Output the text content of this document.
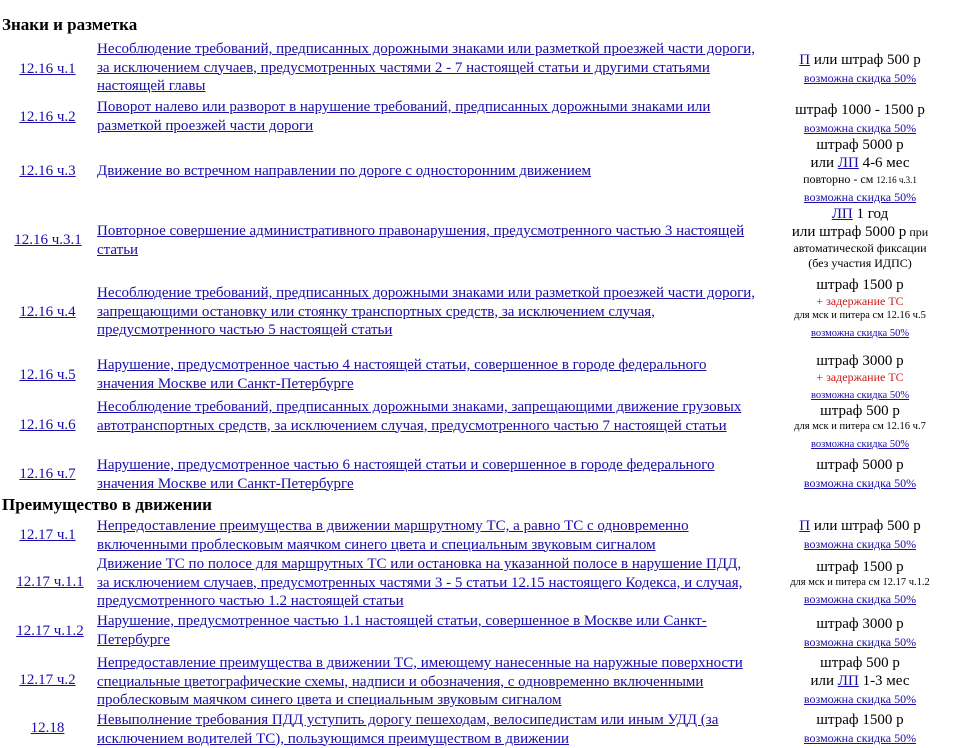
Знаки и разметка
12.16 ч.1
Несоблюдение требований, предписанных дорожными знаками или разметкой проезжей части дороги, за исключением случаев, предусмотренных частями 2 - 7 настоящей статьи и другими статьями настоящей главы
П или штраф 500 р
возможна скидка 50%
12.16 ч.2
Поворот налево или разворот в нарушение требований, предписанных дорожными знаками или разметкой проезжей части дороги
штраф 1000 - 1500 р
возможна скидка 50%
12.16 ч.3	Движение во встречном направлении по дороге с односторонним движением
штраф 5000 р
или ЛП 4-6 мес
повторно - см 12.16 ч.3.1
возможна скидка 50%
12.16 ч.3.1
Повторное совершение административного правонарушения, предусмотренного частью 3 настоящей статьи
ЛП 1 год
или штраф 5000 р при
автоматической фиксации
(без участия ИДПС)
12.16 ч.4
Несоблюдение требований, предписанных дорожными знаками или разметкой проезжей части дороги, запрещающими остановку или стоянку транспортных средств, за исключением случая, предусмотренного частью 5 настоящей статьи
штраф 1500 р
+ задержание ТС
для мск и питера см 12.16 ч.5
возможна скидка 50%
12.16 ч.5
Нарушение, предусмотренное частью 4 настоящей статьи, совершенное в городе федерального значения Москве или Санкт-Петербурге
штраф 3000 р
+ задержание ТС
возможна скидка 50%
12.16 ч.6
Несоблюдение требований, предписанных дорожными знаками, запрещающими движение грузовых автотранспортных средств, за исключением случая, предусмотренного частью 7 настоящей статьи
штраф 500 р
для мск и питера см 12.16 ч.7
возможна скидка 50%
12.16 ч.7
Нарушение, предусмотренное частью 6 настоящей статьи и совершенное в городе федерального значения Москве или Санкт-Петербурге
штраф 5000 р
возможна скидка 50%
Преимущество в движении
12.17 ч.1
Непредоставление преимущества в движении маршрутному ТС, а равно ТС с одновременно включенными проблесковым маячком синего цвета и специальным звуковым сигналом
П или штраф 500 р
возможна скидка 50%
12.17 ч.1.1
Движение ТС по полосе для маршрутных ТС или остановка на указанной полосе в нарушение ПДД, за исключением случаев, предусмотренных частями 3 - 5 статьи 12.15 настоящего Кодекса, и случая, предусмотренного частью 1.2 настоящей статьи
штраф 1500 р
для мск и питера см 12.17 ч.1.2
возможна скидка 50%
12.17 ч.1.2
Нарушение, предусмотренное частью 1.1 настоящей статьи, совершенное в Москве или Санкт-Петербурге
штраф 3000 р
возможна скидка 50%
12.17 ч.2
Непредоставление преимущества в движении ТС, имеющему нанесенные на наружные поверхности специальные цветографические схемы, надписи и обозначения, с одновременно включенными проблесковым маячком синего цвета и специальным звуковым сигналом
штраф 500 р
или ЛП 1-3 мес
возможна скидка 50%
12.18	Невыполнение требования ПДД уступить дорогу пешеходам, велосипедистам или иным УДД (за исключением водителей ТС), пользующимся преимуществом в движении
штраф 1500 р
возможна скидка 50%
